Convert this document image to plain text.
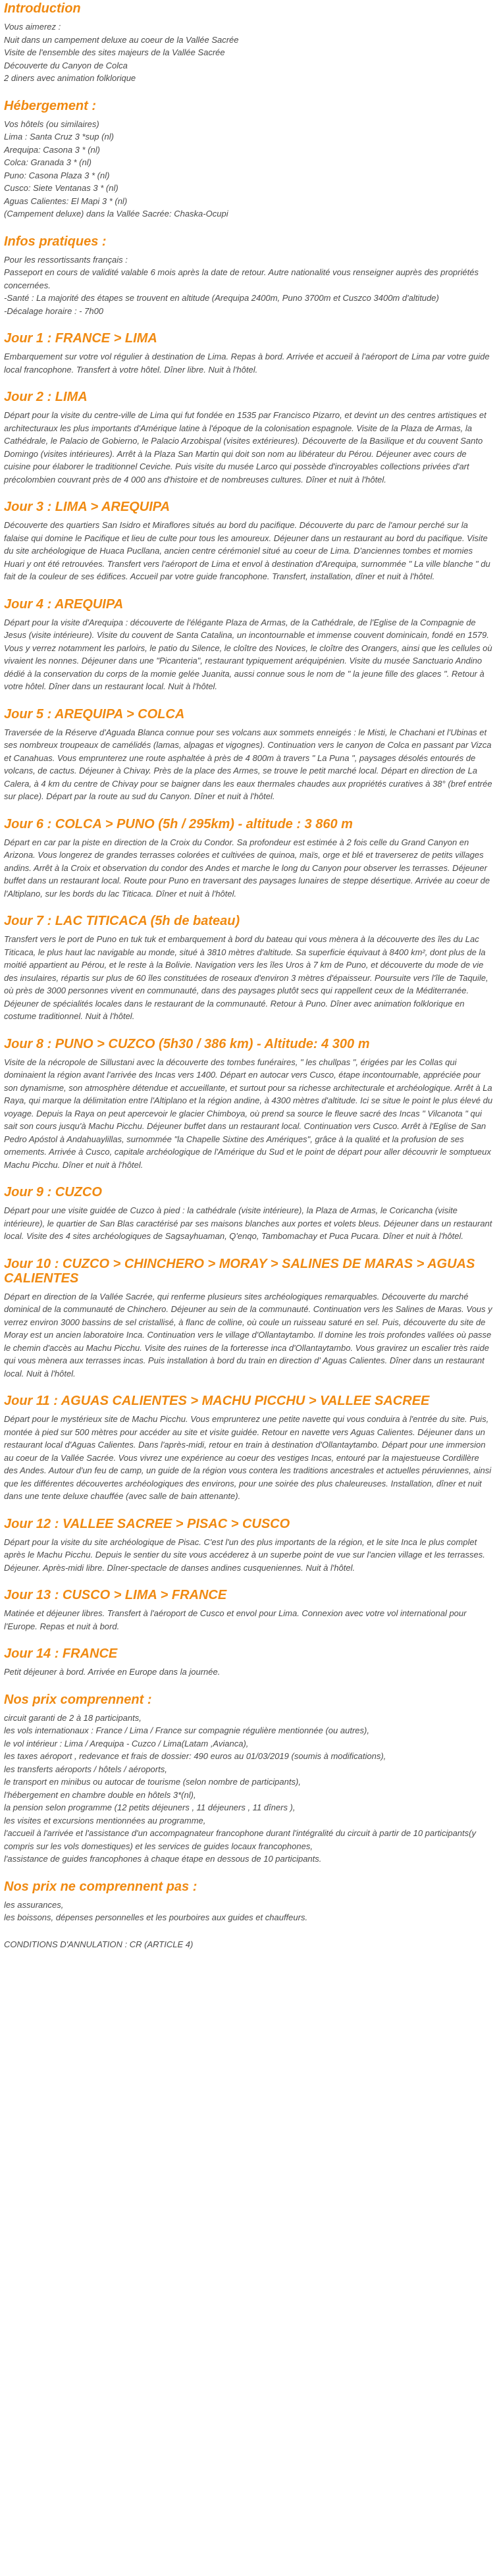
Introduction

Vous aimerez :

Nuit dans un campement deluxe au coeur de la Vallée Sacrée

Visite de l'ensemble des sites majeurs de la Vallée Sacrée

Découverte du Canyon de Colca

2 diners avec animation folklorique

Hébergement :

Vos hôtels (ou similaires)

Lima : Santa Cruz 3 *sup (nl)

Arequipa: Casona 3 * (nl)

Colca: Granada 3 * (nl)

Puno: Casona Plaza 3 * (nl)

Cusco: Siete Ventanas 3 * (nl)

Aguas Calientes: El Mapi 3 * (nl)

(Campement deluxe) dans la Vallée Sacrée: Chaska-Ocupi

Infos pratiques :

Pour les ressortissants français :

Passeport en cours de validité valable 6 mois après la date de retour. Autre nationalité vous renseigner auprès des propriétés concernées.

-Santé : La majorité des étapes se trouvent en altitude (Arequipa 2400m, Puno 3700m et Cuszco 3400m d'altitude)

-Décalage horaire : - 7h00

Jour 1 : FRANCE > LIMA

Embarquement sur votre vol régulier à destination de Lima. Repas à bord. Arrivée et accueil à l'aéroport de Lima par votre guide local francophone. Transfert à votre hôtel. Dîner libre. Nuit à l'hôtel.

Jour 2 : LIMA

Départ pour la visite du centre-ville de Lima qui fut fondée en 1535 par Francisco Pizarro, et devint un des centres artistiques et architecturaux les plus importants d'Amérique latine à l'époque de la colonisation espagnole. Visite de la Plaza de Armas, la Cathédrale, le Palacio de Gobierno, le Palacio Arzobispal (visites extérieures). Découverte de la Basilique et du couvent Santo Domingo (visites intérieures). Arrêt à la Plaza San Martin qui doit son nom au libérateur du Pérou. Déjeuner avec cours de cuisine pour élaborer le traditionnel Ceviche. Puis visite du musée Larco qui possède d'incroyables collections privées d'art précolombien couvrant près de 4 000 ans d'histoire et de nombreuses cultures. Dîner et nuit à l'hôtel.

Jour 3 : LIMA > AREQUIPA

Découverte des quartiers San Isidro et Miraflores situés au bord du pacifique. Découverte du parc de l'amour perché sur la falaise qui domine le Pacifique et lieu de culte pour tous les amoureux. Déjeuner dans un restaurant au bord du pacifique. Visite du site archéologique de Huaca Pucllana, ancien centre cérémoniel situé au coeur de Lima. D'anciennes tombes et momies Huari y ont été retrouvées. Transfert vers l'aéroport de Lima et envol à destination d'Arequipa, surnommée " La ville blanche " du fait de la couleur de ses édifices. Accueil par votre guide francophone. Transfert, installation, dîner et nuit à l'hôtel.

Jour 4 : AREQUIPA

Départ pour la visite d'Arequipa : découverte de l'élégante Plaza de Armas, de la Cathédrale, de l'Eglise de la Compagnie de Jesus (visite intérieure). Visite du couvent de Santa Catalina, un incontournable et immense couvent dominicain, fondé en 1579. Vous y verrez notamment les parloirs, le patio du Silence, le cloître des Novices, le cloître des Orangers, ainsi que les cellules où vivaient les nonnes. Déjeuner dans une "Picanteria", restaurant typiquement aréquipénien. Visite du musée Sanctuario Andino dédié à la conservation du corps de la momie gelée Juanita, aussi connue sous le nom de " la jeune fille des glaces ". Retour à votre hôtel. Dîner dans un restaurant local. Nuit à l'hôtel.

Jour 5 : AREQUIPA > COLCA

Traversée de la Réserve d'Aguada Blanca connue pour ses volcans aux sommets enneigés : le Misti, le Chachani et l'Ubinas et ses nombreux troupeaux de camélidés (lamas, alpagas et vigognes). Continuation vers le canyon de Colca en passant par Vizca et Canahuas. Vous emprunterez une route asphaltée à près de 4 800m à travers " La Puna ", paysages désolés entourés de volcans, de cactus. Déjeuner à Chivay. Près de la place des Armes, se trouve le petit marché local. Départ en direction de La Calera, à 4 km du centre de Chivay pour se baigner dans les eaux thermales chaudes aux propriétés curatives à 38° (bref entrée sur place). Départ par la route au sud du Canyon. Dîner et nuit à l'hôtel.

Jour 6 : COLCA > PUNO (5h / 295km) - altitude : 3 860 m

Départ en car par la piste en direction de la Croix du Condor. Sa profondeur est estimée à 2 fois celle du Grand Canyon en Arizona. Vous longerez de grandes terrasses colorées et cultivées de quinoa, maïs, orge et blé et traverserez de petits villages andins. Arrêt à la Croix et observation du condor des Andes et marche le long du Canyon pour observer les terrasses. Déjeuner buffet dans un restaurant local. Route pour Puno en traversant des paysages lunaires de steppe désertique. Arrivée au coeur de l'Altiplano, sur les bords du lac Titicaca. Dîner et nuit à l'hôtel.

Jour 7 : LAC TITICACA (5h de bateau)

Transfert vers le port de Puno en tuk tuk et embarquement à bord du bateau qui vous mènera à la découverte des îles du Lac Titicaca, le plus haut lac navigable au monde, situé à 3810 mètres d'altitude. Sa superficie équivaut à 8400 km², dont plus de la moitié appartient au Pérou, et le reste à la Bolivie. Navigation vers les îles Uros à 7 km de Puno, et découverte du mode de vie des insulaires, répartis sur plus de 60 îles constituées de roseaux d'environ 3 mètres d'épaisseur. Poursuite vers l'île de Taquile, où près de 3000 personnes vivent en communauté, dans des paysages plutôt secs qui rappellent ceux de la Méditerranée. Déjeuner de spécialités locales dans le restaurant de la communauté. Retour à Puno. Dîner avec animation folklorique en costume traditionnel. Nuit à l'hôtel.

Jour 8 : PUNO > CUZCO (5h30 / 386 km) - Altitude: 4 300 m

Visite de la nécropole de Sillustani avec la découverte des tombes funéraires, " les chullpas ", érigées par les Collas qui dominaient la région avant l'arrivée des Incas vers 1400. Départ en autocar vers Cusco, étape incontournable, appréciée pour son dynamisme, son atmosphère détendue et accueillante, et surtout pour sa richesse architecturale et archéologique. Arrêt à La Raya, qui marque la délimitation entre l'Altiplano et la région andine, à 4300 mètres d'altitude. Ici se situe le point le plus élevé du voyage. Depuis la Raya on peut apercevoir le glacier Chimboya, où prend sa source le fleuve sacré des Incas " Vilcanota " qui sait son cours jusqu'à Machu Picchu. Déjeuner buffet dans un restaurant local. Continuation vers Cusco. Arrêt à l'Eglise de San Pedro Apóstol à Andahuaylillas, surnommée "la Chapelle Sixtine des Amériques", grâce à la qualité et la profusion de ses ornements. Arrivée à Cusco, capitale archéologique de l'Amérique du Sud et le point de départ pour aller découvrir le somptueux Machu Picchu. Dîner et nuit à l'hôtel.

Jour 9 : CUZCO

Départ pour une visite guidée de Cuzco à pied : la cathédrale (visite intérieure), la Plaza de Armas, le Coricancha (visite intérieure), le quartier de San Blas caractérisé par ses maisons blanches aux portes et volets bleus. Déjeuner dans un restaurant local. Visite des 4 sites archéologiques de Sagsayhuaman, Q'enqo, Tambomachay et Puca Pucara. Dîner et nuit à l'hôtel.

Jour 10 : CUZCO > CHINCHERO > MORAY > SALINES DE MARAS > AGUAS CALIENTES

Départ en direction de la Vallée Sacrée, qui renferme plusieurs sites archéologiques remarquables. Découverte du marché dominical de la communauté de Chinchero. Déjeuner au sein de la communauté. Continuation vers les Salines de Maras. Vous y verrez environ 3000 bassins de sel cristallisé, à flanc de colline, où coule un ruisseau saturé en sel. Puis, découverte du site de Moray est un ancien laboratoire Inca. Continuation vers le village d'Ollantaytambo. Il domine les trois profondes vallées où passe le chemin d'accès au Machu Picchu. Visite des ruines de la forteresse inca d'Ollantaytambo. Vous gravirez un escalier très raide qui vous mènera aux terrasses incas. Puis installation à bord du train en direction d' Aguas Calientes. Dîner dans un restaurant local. Nuit à l'hôtel.

Jour 11 : AGUAS CALIENTES > MACHU PICCHU > VALLEE SACREE

Départ pour le mystérieux site de Machu Picchu. Vous emprunterez une petite navette qui vous conduira à l'entrée du site. Puis, montée à pied sur 500 mètres pour accéder au site et visite guidée. Retour en navette vers Aguas Calientes. Déjeuner dans un restaurant local d'Aguas Calientes. Dans l'après-midi, retour en train à destination d'Ollantaytambo. Départ pour une immersion au coeur de la Vallée Sacrée. Vous vivrez une expérience au coeur des vestiges Incas, entouré par la majestueuse Cordillère des Andes. Autour d'un feu de camp, un guide de la région vous contera les traditions ancestrales et actuelles péruviennes, ainsi que les différentes découvertes archéologiques des environs, pour une soirée des plus chaleureuses. Installation, dîner et nuit dans une tente deluxe chauffée (avec salle de bain attenante).

Jour 12 : VALLEE SACREE > PISAC > CUSCO

Départ pour la visite du site archéologique de Pisac. C'est l'un des plus importants de la région, et le site Inca le plus complet après le Machu Picchu. Depuis le sentier du site vous accéderez à un superbe point de vue sur l'ancien village et les terrasses. Déjeuner. Après-midi libre. Dîner-spectacle de danses andines cusqueniennes. Nuit à l'hôtel.

Jour 13 : CUSCO > LIMA > FRANCE

Matinée et déjeuner libres. Transfert à l'aéroport de Cusco et envol pour Lima. Connexion avec votre vol international pour l'Europe. Repas et nuit à bord.

Jour 14 : FRANCE

Petit déjeuner à bord. Arrivée en Europe dans la journée.

Nos prix comprennent :

circuit garanti de 2 à 18 participants,

les vols internationaux : France / Lima / France sur compagnie régulière mentionnée (ou autres),

le vol intérieur : Lima / Arequipa - Cuzco / Lima(Latam ,Avianca),

les taxes aéroport , redevance et frais de dossier: 490 euros au 01/03/2019 (soumis à modifications),

les transferts aéroports / hôtels / aéroports,

le transport en minibus ou autocar de tourisme (selon nombre de participants),

l'hébergement en chambre double en hôtels 3*(nl),

la pension selon programme (12 petits déjeuners , 11 déjeuners , 11 dîners ),

les visites et excursions mentionnées au programme,

l'accueil à l'arrivée et l'assistance d'un accompagnateur francophone durant l'intégralité du circuit à partir de 10 participants(y compris sur les vols domestiques) et les services de guides locaux francophones,

l'assistance de guides francophones à chaque étape en dessous de 10 participants.

Nos prix ne comprennent pas :

les assurances,

les boissons, dépenses personnelles et les pourboires aux guides et chauffeurs.

CONDITIONS D'ANNULATION : CR (ARTICLE 4)
